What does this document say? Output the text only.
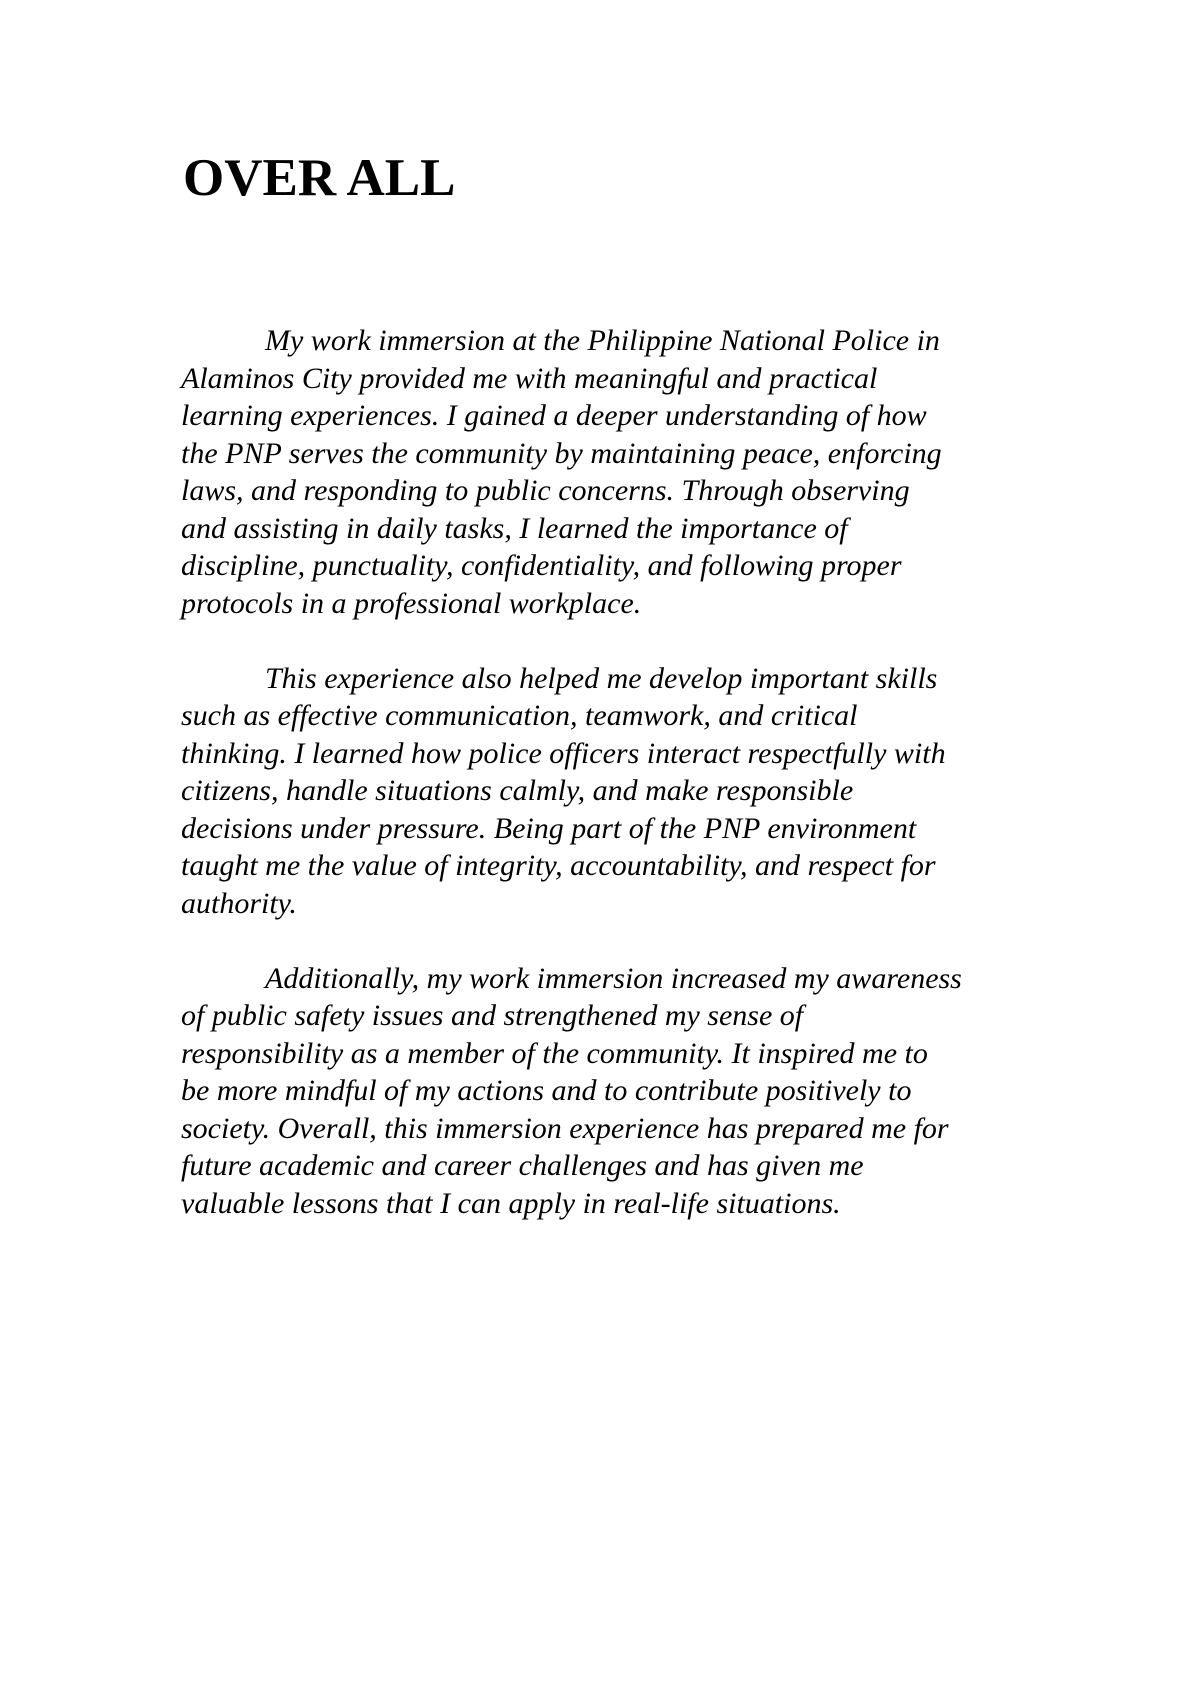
OVER ALL

My work immersion at the Philippine National Police in
Alaminos City provided me with meaningful and practical
learning experiences. I gained a deeper understanding of how
the PNP serves the community by maintaining peace, enforcing
laws, and responding to public concerns. Through observing
and assisting in daily tasks, I learned the importance of
discipline, punctuality, confidentiality, and following proper
protocols in a professional workplace.

This experience also helped me develop important skills
such as effective communication, teamwork, and critical
thinking. I learned how police officers interact respectfully with
citizens, handle situations calmly, and make responsible
decisions under pressure. Being part of the PNP environment
taught me the value of integrity, accountability, and respect for
authority.

Additionally, my work immersion increased my awareness
of public safety issues and strengthened my sense of
responsibility as a member of the community. It inspired me to
be more mindful of my actions and to contribute positively to
society. Overall, this immersion experience has prepared me for
future academic and career challenges and has given me
valuable lessons that I can apply in real-life situations.
